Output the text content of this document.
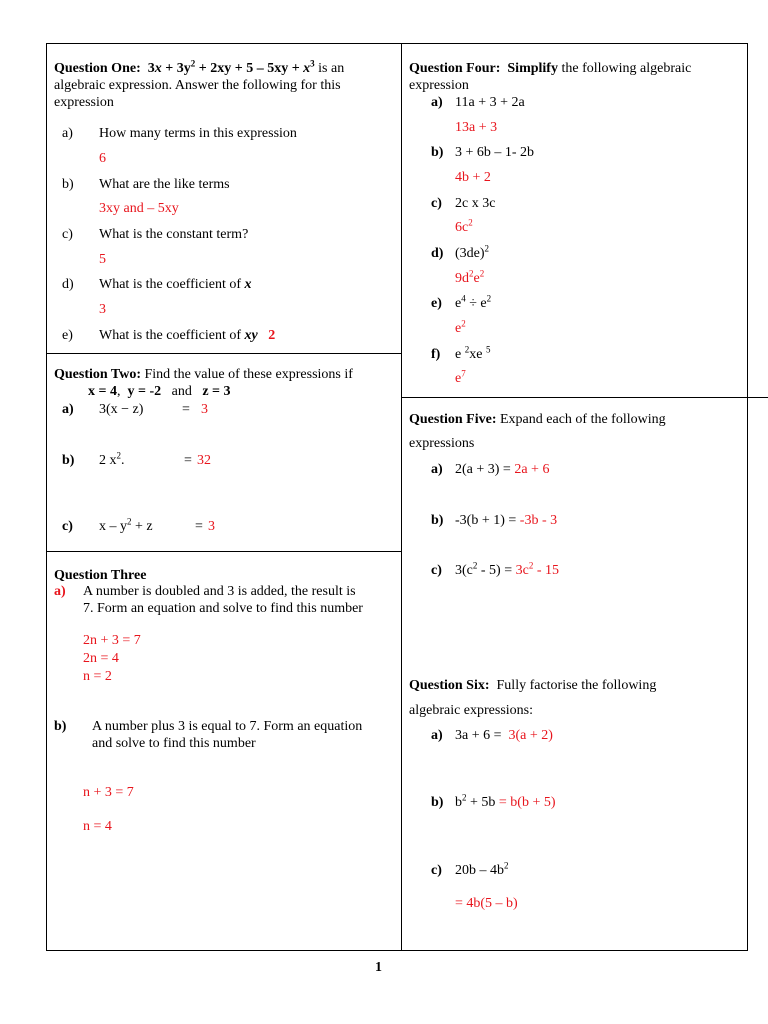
Question One: $3x + 3y^2 + 2xy + 5 - 5xy + x^3$ is an
algebraic expression. Answer the following for this
expression
a) How many terms in this expression
6
b) What are the like terms
3xy and – 5xy
c) What is the constant term?
5
d) What is the coefficient of x
3
e) What is the coefficient of xy 2
Question Two: Find the value of these expressions if
x = 4,  y = -2 and z = 3
a) 3(x − z)	= 3
b) 2 $x^2$.	= 32
c) $x - y^2 + z$	= 3
Question Three
a) A number is doubled and 3 is added, the result is
7. Form an equation and solve to find this number
2n + 3 = 7
2n = 4
n = 2
b) A number plus 3 is equal to 7. Form an equation
and solve to find this number
n + 3 = 7
n = 4
Question Four: Simplify the following algebraic
expression
a) 11a + 3 + 2a
13a + 3
b) 3 + 6b – 1- 2b
4b + 2
c) 2c x 3c
$6c^2$
d) $(3de)^2$
$9d^2e^2$
e) $e^4 \div e^2$
$e^2$
f) e $^2$xe $^5$
$e^7$
Question Five: Expand each of the following
expressions
a) 2(a + 3) = 2a + 6
b) -3(b + 1) = -3b - 3
c) $3(c^2 - 5) = 3c^2 - 15$
Question Six: Fully factorise the following
algebraic expressions:
a) 3a + 6 = 3(a + 2)
b) $b^2 + 5b = b(b + 5)$
c) $20b - 4b^2$
= 4b(5 – b)
1
